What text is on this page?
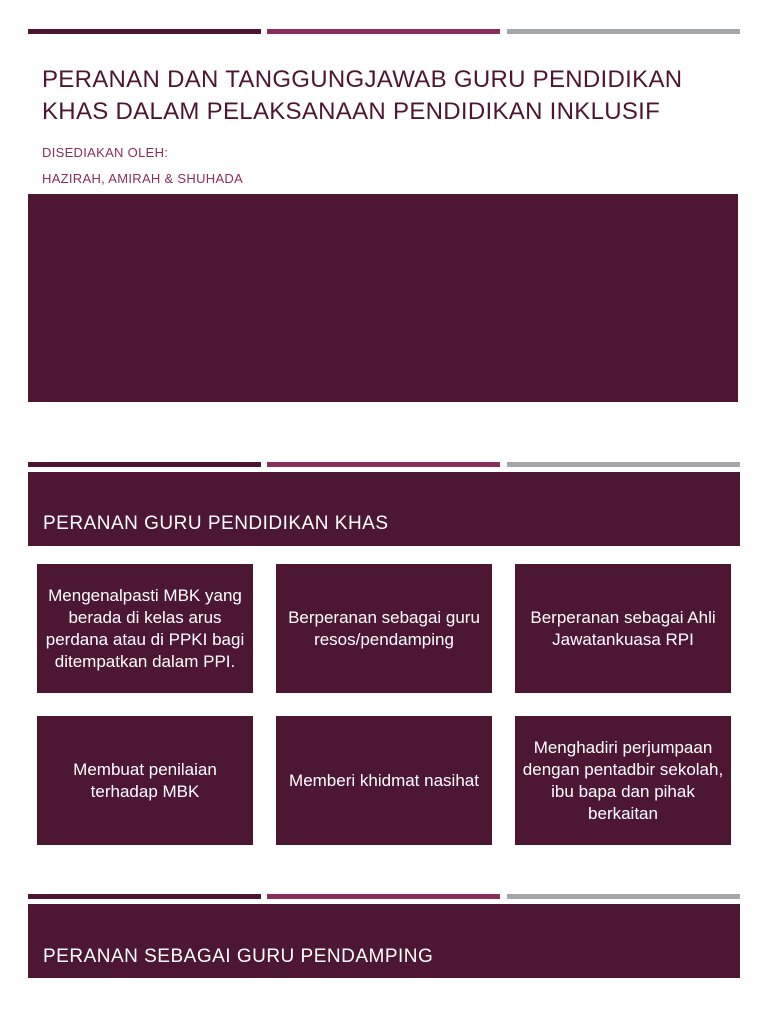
PERANAN DAN TANGGUNGJAWAB GURU PENDIDIKAN KHAS DALAM PELAKSANAAN PENDIDIKAN INKLUSIF
DISEDIAKAN OLEH:
HAZIRAH, AMIRAH & SHUHADA
PERANAN GURU PENDIDIKAN KHAS
Mengenalpasti MBK yang berada di kelas arus perdana atau di PPKI bagi ditempatkan dalam PPI.
Berperanan sebagai guru resos/pendamping
Berperanan sebagai Ahli Jawatankuasa RPI
Membuat penilaian terhadap MBK
Memberi khidmat nasihat
Menghadiri perjumpaan dengan pentadbir sekolah, ibu bapa dan pihak berkaitan
PERANAN SEBAGAI GURU PENDAMPING
